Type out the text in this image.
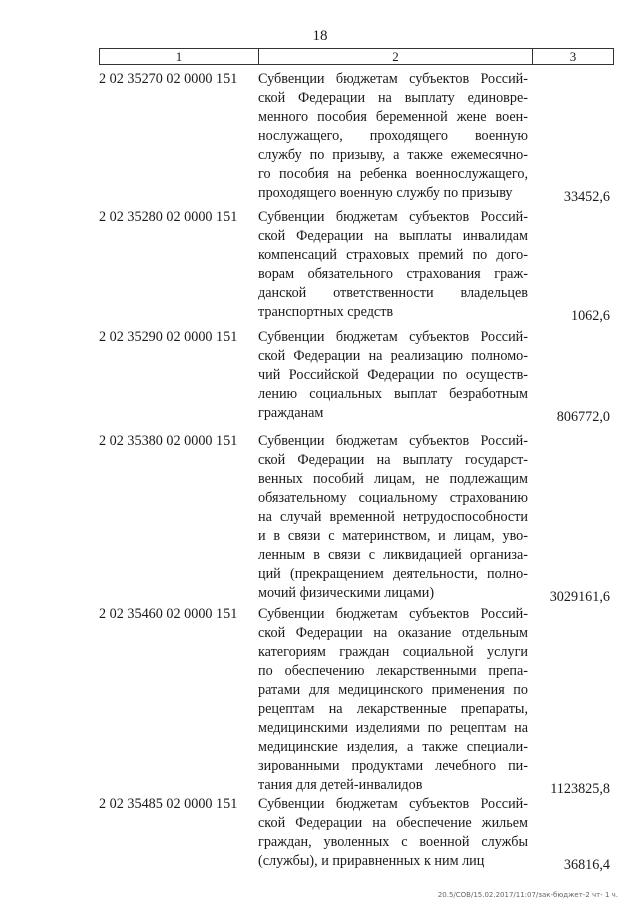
18
1	2	3
2 02 35270 02 0000 151	Субвенции бюджетам субъектов Россий-
ской Федерации на выплату единовре-
менного пособия беременной жене воен-
нослужащего, проходящего военную
службу по призыву, а также ежемесячно-
го пособия на ребенка военнослужащего,
проходящего военную службу по призыву	33452,6
2 02 35280 02 0000 151	Субвенции бюджетам субъектов Россий-
ской Федерации на выплаты инвалидам
компенсаций страховых премий по дого-
ворам обязательного страхования граж-
данской ответственности владельцев
транспортных средств	1062,6
2 02 35290 02 0000 151	Субвенции бюджетам субъектов Россий-
ской Федерации на реализацию полномо-
чий Российской Федерации по осуществ-
лению социальных выплат безработным
гражданам	806772,0
2 02 35380 02 0000 151	Субвенции бюджетам субъектов Россий-
ской Федерации на выплату государст-
венных пособий лицам, не подлежащим
обязательному социальному страхованию
на случай временной нетрудоспособности
и в связи с материнством, и лицам, уво-
ленным в связи с ликвидацией организа-
ций (прекращением деятельности, полно-
мочий физическими лицами)	3029161,6
2 02 35460 02 0000 151	Субвенции бюджетам субъектов Россий-
ской Федерации на оказание отдельным
категориям граждан социальной услуги
по обеспечению лекарственными препа-
ратами для медицинского применения по
рецептам на лекарственные препараты,
медицинскими изделиями по рецептам на
медицинские изделия, а также специали-
зированными продуктами лечебного пи-
тания для детей-инвалидов	1123825,8
2 02 35485 02 0000 151	Субвенции бюджетам субъектов Россий-
ской Федерации на обеспечение жильем
граждан, уволенных с военной службы
(службы), и приравненных к ним лиц	36816,4
20.5/СОВ/15.02.2017/11:07/зак-бюджет-2 чт- 1 ч.
